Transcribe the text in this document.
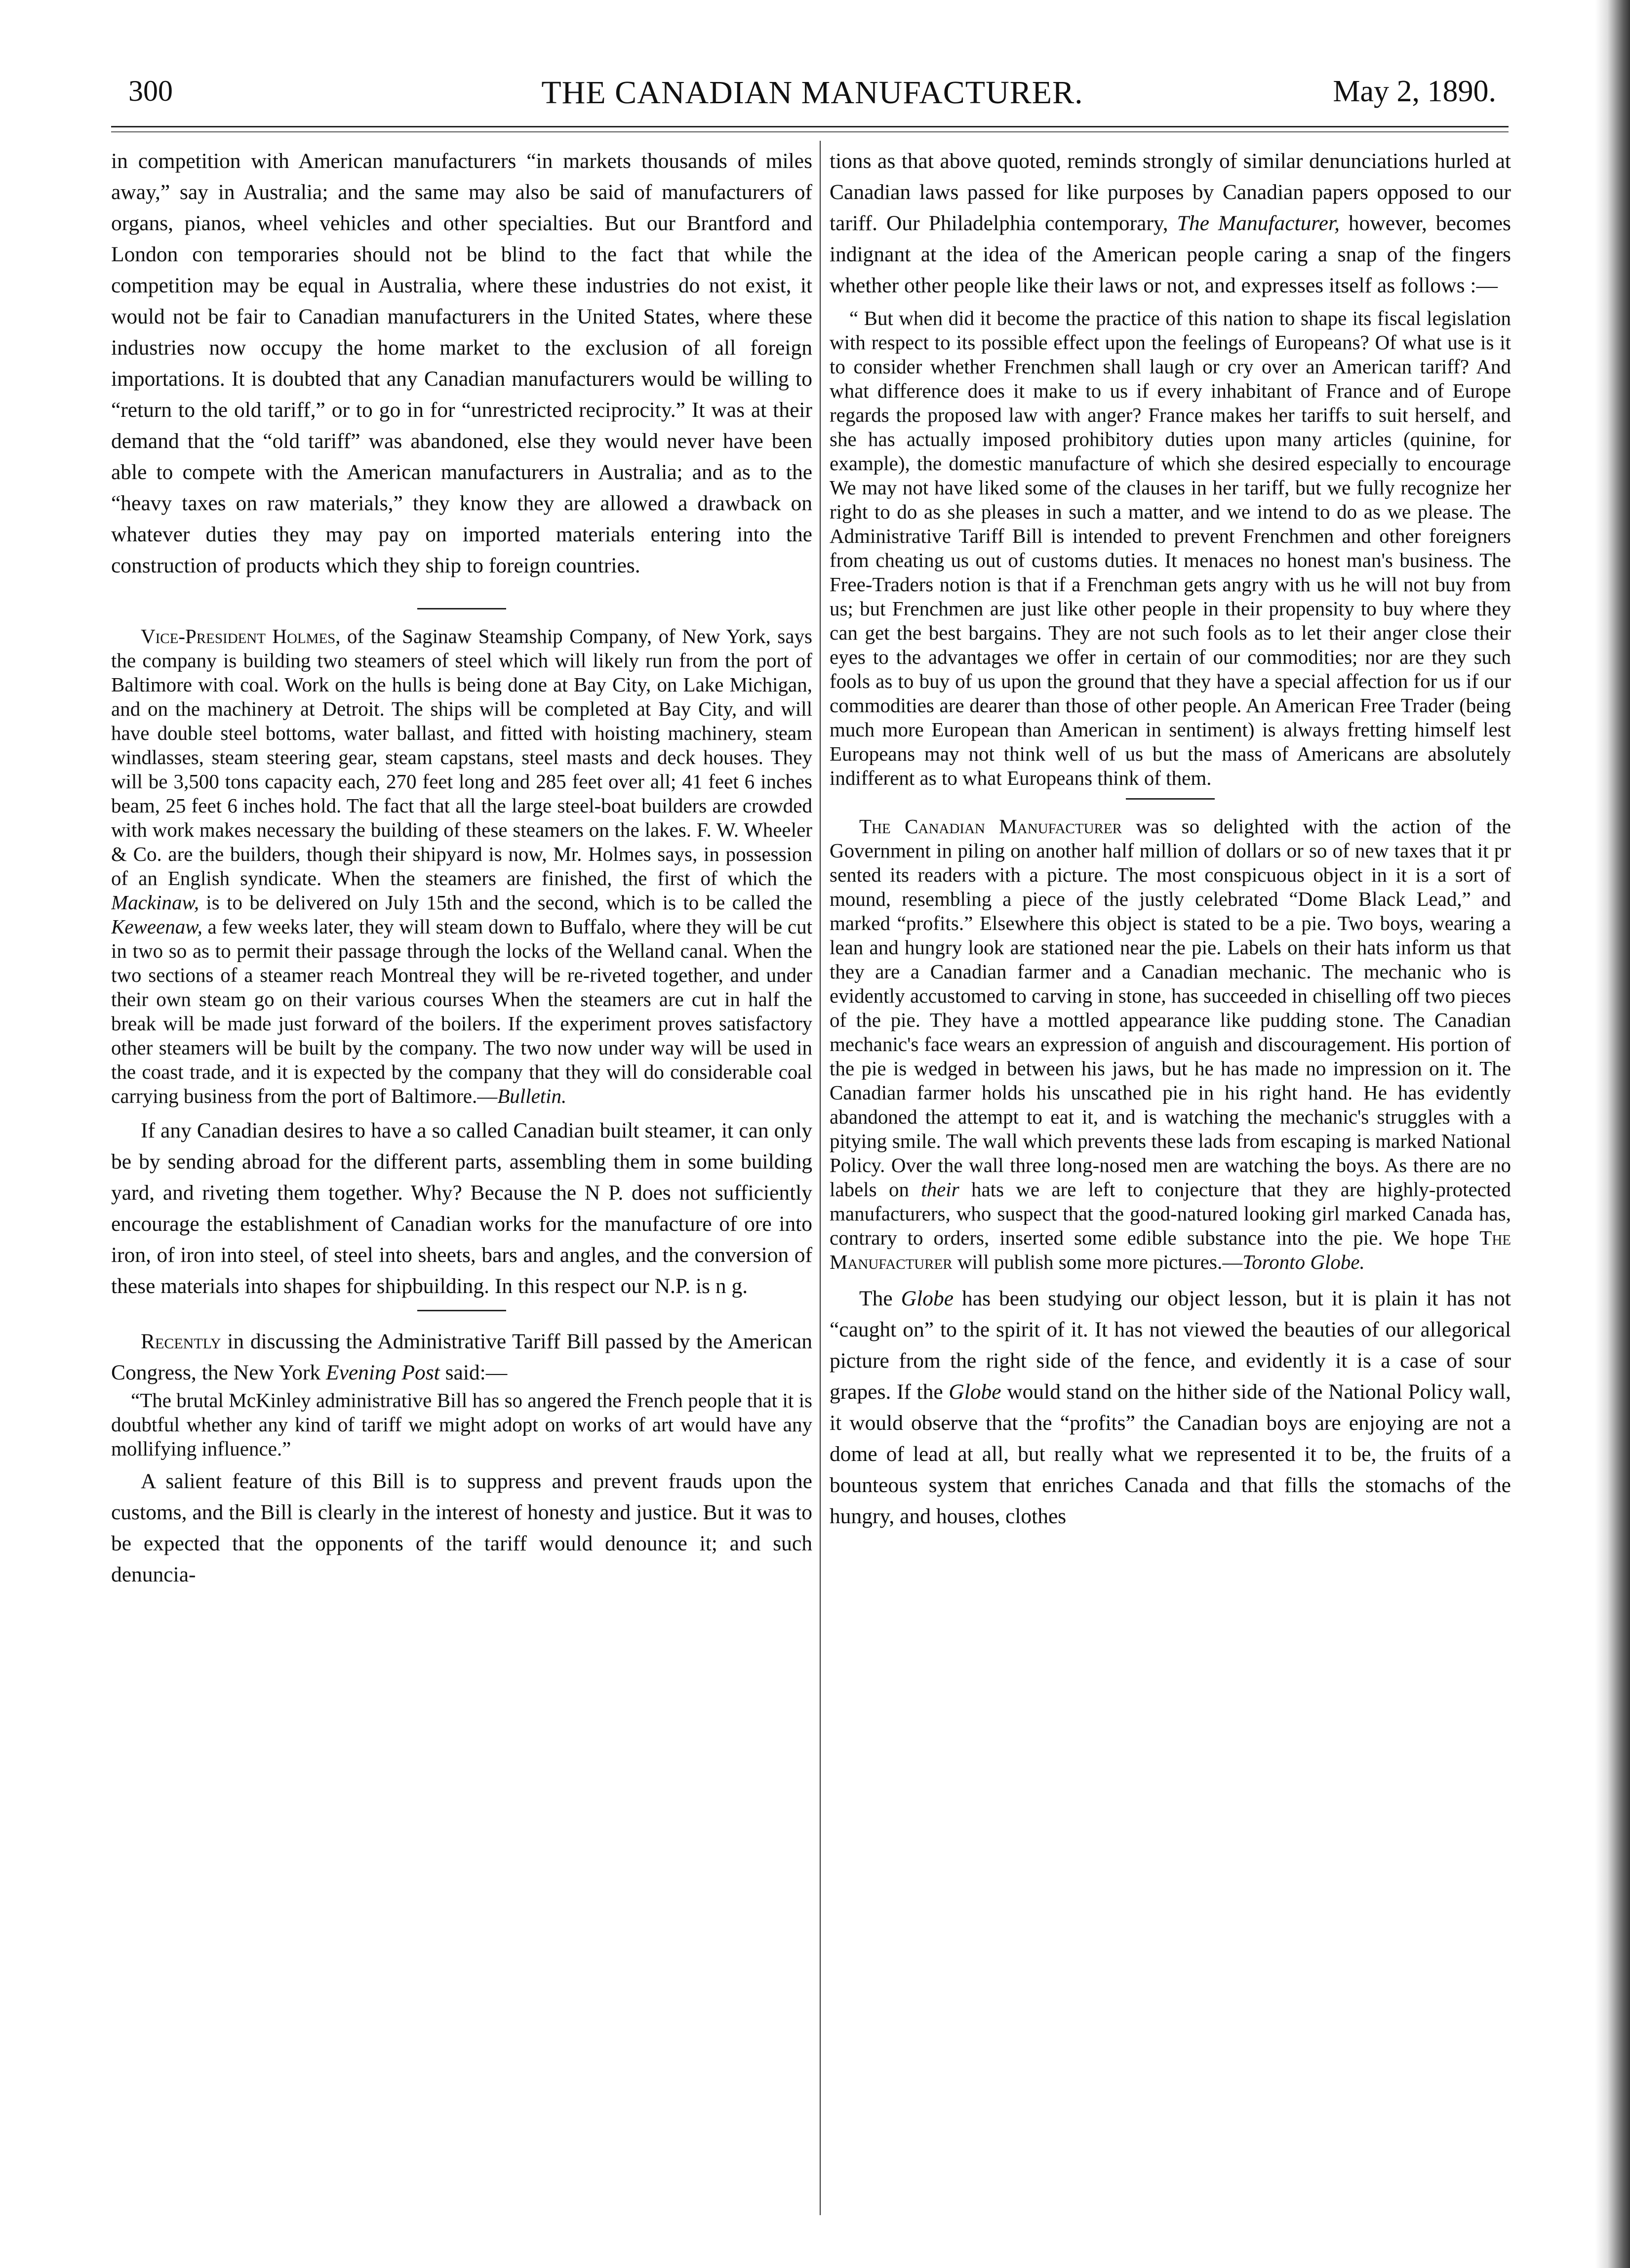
300	THE CANADIAN MANUFACTURER.	May 2, 1890.

in competition with American manufacturers “in markets thousands of miles away,” say in Australia; and the same may also be said of manufacturers of organs, pianos, wheel vehicles and other specialties. But our Brantford and London con temporaries should not be blind to the fact that while the competition may be equal in Australia, where these industries do not exist, it would not be fair to Canadian manufacturers in the United States, where these industries now occupy the home market to the exclusion of all foreign importations. It is doubted that any Canadian manufacturers would be willing to “return to the old tariff,” or to go in for “unrestricted reciprocity.” It was at their demand that the “old tariff” was abandoned, else they would never have been able to compete with the American manufacturers in Australia; and as to the “heavy taxes on raw materials,” they know they are allowed a drawback on whatever duties they may pay on imported materials entering into the construction of products which they ship to foreign countries.

Vice-President Holmes, of the Saginaw Steamship Company, of New York, says the company is building two steamers of steel which will likely run from the port of Baltimore with coal. Work on the hulls is being done at Bay City, on Lake Michigan, and on the machinery at Detroit. The ships will be completed at Bay City, and will have double steel bottoms, water ballast, and fitted with hoisting machinery, steam windlasses, steam steering gear, steam capstans, steel masts and deck houses. They will be 3,500 tons capacity each, 270 feet long and 285 feet over all; 41 feet 6 inches beam, 25 feet 6 inches hold. The fact that all the large steel-boat builders are crowded with work makes necessary the building of these steamers on the lakes. F. W. Wheeler & Co. are the builders, though their shipyard is now, Mr. Holmes says, in possession of an English syndicate. When the steamers are finished, the first of which the Mackinaw, is to be delivered on July 15th and the second, which is to be called the Keweenaw, a few weeks later, they will steam down to Buffalo, where they will be cut in two so as to permit their passage through the locks of the Welland canal. When the two sections of a steamer reach Montreal they will be re-riveted together, and under their own steam go on their various courses When the steamers are cut in half the break will be made just forward of the boilers. If the experiment proves satisfactory other steamers will be built by the company. The two now under way will be used in the coast trade, and it is expected by the company that they will do considerable coal carrying business from the port of Baltimore.—Bulletin.

If any Canadian desires to have a so called Canadian built steamer, it can only be by sending abroad for the different parts, assembling them in some building yard, and riveting them together. Why? Because the N P. does not sufficiently encourage the establishment of Canadian works for the manufacture of ore into iron, of iron into steel, of steel into sheets, bars and angles, and the conversion of these materials into shapes for shipbuilding. In this respect our N.P. is n g.

Recently in discussing the Administrative Tariff Bill passed by the American Congress, the New York Evening Post said:—

“The brutal McKinley administrative Bill has so angered the French people that it is doubtful whether any kind of tariff we might adopt on works of art would have any mollifying influence.”

A salient feature of this Bill is to suppress and prevent frauds upon the customs, and the Bill is clearly in the interest of honesty and justice. But it was to be expected that the opponents of the tariff would denounce it; and such denuncia-

tions as that above quoted, reminds strongly of similar denunciations hurled at Canadian laws passed for like purposes by Canadian papers opposed to our tariff. Our Philadelphia contemporary, The Manufacturer, however, becomes indignant at the idea of the American people caring a snap of the fingers whether other people like their laws or not, and expresses itself as follows :—

“ But when did it become the practice of this nation to shape its fiscal legislation with respect to its possible effect upon the feelings of Europeans? Of what use is it to consider whether Frenchmen shall laugh or cry over an American tariff? And what difference does it make to us if every inhabitant of France and of Europe regards the proposed law with anger? France makes her tariffs to suit herself, and she has actually imposed prohibitory duties upon many articles (quinine, for example), the domestic manufacture of which she desired especially to encourage We may not have liked some of the clauses in her tariff, but we fully recognize her right to do as she pleases in such a matter, and we intend to do as we please. The Administrative Tariff Bill is intended to prevent Frenchmen and other foreigners from cheating us out of customs duties. It menaces no honest man's business. The Free-Traders notion is that if a Frenchman gets angry with us he will not buy from us; but Frenchmen are just like other people in their propensity to buy where they can get the best bargains. They are not such fools as to let their anger close their eyes to the advantages we offer in certain of our commodities; nor are they such fools as to buy of us upon the ground that they have a special affection for us if our commodities are dearer than those of other people. An American Free Trader (being much more European than American in sentiment) is always fretting himself lest Europeans may not think well of us but the mass of Americans are absolutely indifferent as to what Europeans think of them.

The Canadian Manufacturer was so delighted with the action of the Government in piling on another half million of dollars or so of new taxes that it pr sented its readers with a picture. The most conspicuous object in it is a sort of mound, resembling a piece of the justly celebrated “Dome Black Lead,” and marked “profits.” Elsewhere this object is stated to be a pie. Two boys, wearing a lean and hungry look are stationed near the pie. Labels on their hats inform us that they are a Canadian farmer and a Canadian mechanic. The mechanic who is evidently accustomed to carving in stone, has succeeded in chiselling off two pieces of the pie. They have a mottled appearance like pudding stone. The Canadian mechanic's face wears an expression of anguish and discouragement. His portion of the pie is wedged in between his jaws, but he has made no impression on it. The Canadian farmer holds his unscathed pie in his right hand. He has evidently abandoned the attempt to eat it, and is watching the mechanic's struggles with a pitying smile. The wall which prevents these lads from escaping is marked National Policy. Over the wall three long-nosed men are watching the boys. As there are no labels on their hats we are left to conjecture that they are highly-protected manufacturers, who suspect that the good-natured looking girl marked Canada has, contrary to orders, inserted some edible substance into the pie. We hope The Manufacturer will publish some more pictures.—Toronto Globe.

The Globe has been studying our object lesson, but it is plain it has not “caught on” to the spirit of it. It has not viewed the beauties of our allegorical picture from the right side of the fence, and evidently it is a case of sour grapes. If the Globe would stand on the hither side of the National Policy wall, it would observe that the “profits” the Canadian boys are enjoying are not a dome of lead at all, but really what we represented it to be, the fruits of a bounteous system that enriches Canada and that fills the stomachs of the hungry, and houses, clothes
